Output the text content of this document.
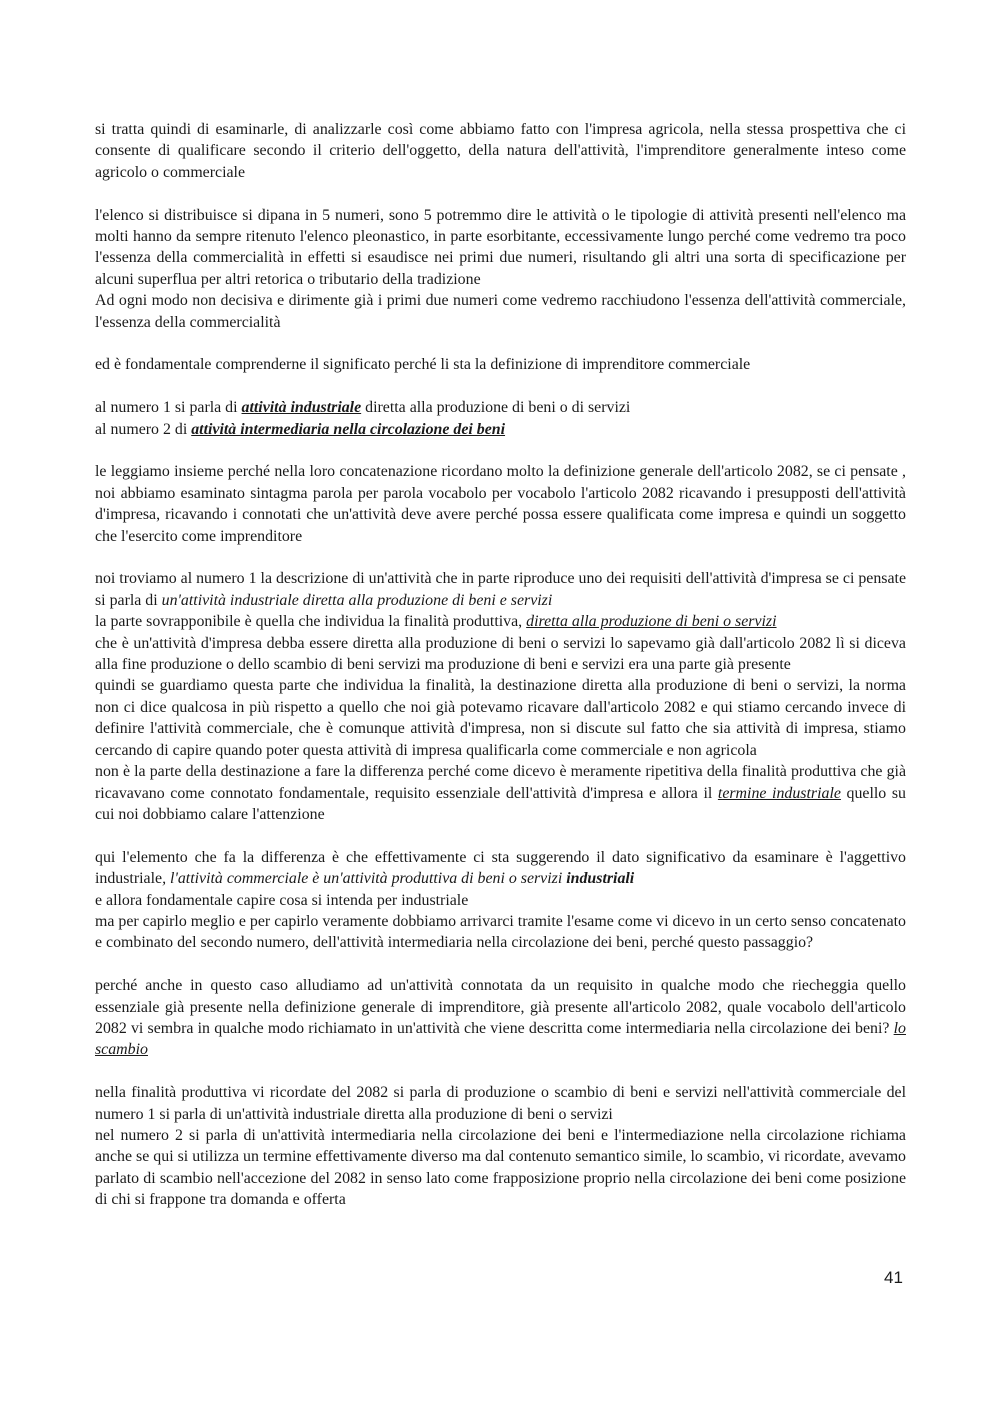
si tratta quindi di esaminarle, di analizzarle così come abbiamo fatto con l'impresa agricola, nella stessa prospettiva che ci consente di qualificare secondo il criterio dell'oggetto, della natura dell'attività, l'imprenditore generalmente inteso come agricolo o commerciale

l'elenco si distribuisce si dipana in 5 numeri, sono 5 potremmo dire le attività o le tipologie di attività presenti nell'elenco ma molti hanno da sempre ritenuto l'elenco pleonastico, in parte esorbitante, eccessivamente lungo perché come vedremo tra poco l'essenza della commercialità in effetti si esaudisce nei primi due numeri, risultando gli altri una sorta di specificazione per alcuni superflua per altri retorica o tributario della tradizione

Ad ogni modo non decisiva e dirimente già i primi due numeri come vedremo racchiudono l'essenza dell'attività commerciale, l'essenza della commercialità

ed è fondamentale comprenderne il significato perché li sta la definizione di imprenditore commerciale

al numero 1 si parla di attività industriale diretta alla produzione di beni o di servizi

al numero 2 di attività intermediaria nella circolazione dei beni

le leggiamo insieme perché nella loro concatenazione ricordano molto la definizione generale dell'articolo 2082, se ci pensate , noi abbiamo esaminato sintagma parola per parola vocabolo per vocabolo l'articolo 2082 ricavando i presupposti dell'attività d'impresa, ricavando i connotati che un'attività deve avere perché possa essere qualificata come impresa e quindi un soggetto che l'esercito come imprenditore

noi troviamo al numero 1 la descrizione di un'attività che in parte riproduce uno dei requisiti dell'attività d'impresa se ci pensate si parla di un'attività industriale diretta alla produzione di beni e servizi

la parte sovrapponibile è quella che individua la finalità produttiva, diretta alla produzione di beni o servizi

che è un'attività d'impresa debba essere diretta alla produzione di beni o servizi lo sapevamo già dall'articolo 2082 lì si diceva alla fine produzione o dello scambio di beni servizi ma produzione di beni e servizi era una parte già presente

quindi se guardiamo questa parte che individua la finalità, la destinazione diretta alla produzione di beni o servizi, la norma non ci dice qualcosa in più rispetto a quello che noi già potevamo ricavare dall'articolo 2082 e qui stiamo cercando invece di definire l'attività commerciale, che è comunque attività d'impresa, non si discute sul fatto che sia attività di impresa, stiamo cercando di capire quando poter questa attività di impresa qualificarla come commerciale e non agricola

non è la parte della destinazione a fare la differenza perché come dicevo è meramente ripetitiva della finalità produttiva che già ricavavano come connotato fondamentale, requisito essenziale dell'attività d'impresa e allora il termine industriale quello su cui noi dobbiamo calare l'attenzione

qui l'elemento che fa la differenza è che effettivamente ci sta suggerendo il dato significativo da esaminare è l'aggettivo industriale, l'attività commerciale è un'attività produttiva di beni o servizi industriali

e allora fondamentale capire cosa si intenda per industriale

ma per capirlo meglio e per capirlo veramente dobbiamo arrivarci tramite l'esame come vi dicevo in un certo senso concatenato e combinato del secondo numero, dell'attività intermediaria nella circolazione dei beni, perché questo passaggio?

perché anche in questo caso alludiamo ad un'attività connotata da un requisito in qualche modo che riecheggia quello essenziale già presente nella definizione generale di imprenditore, già presente all'articolo 2082, quale vocabolo dell'articolo 2082 vi sembra in qualche modo richiamato in un'attività che viene descritta come intermediaria nella circolazione dei beni? lo scambio

nella finalità produttiva vi ricordate del 2082 si parla di produzione o scambio di beni e servizi nell'attività commerciale del numero 1 si parla di un'attività industriale diretta alla produzione di beni o servizi

nel numero 2 si parla di un'attività intermediaria nella circolazione dei beni e l'intermediazione nella circolazione richiama anche se qui si utilizza un termine effettivamente diverso ma dal contenuto semantico simile, lo scambio, vi ricordate, avevamo parlato di scambio nell'accezione del 2082 in senso lato come frapposizione proprio nella circolazione dei beni come posizione di chi si frappone tra domanda e offerta

41
